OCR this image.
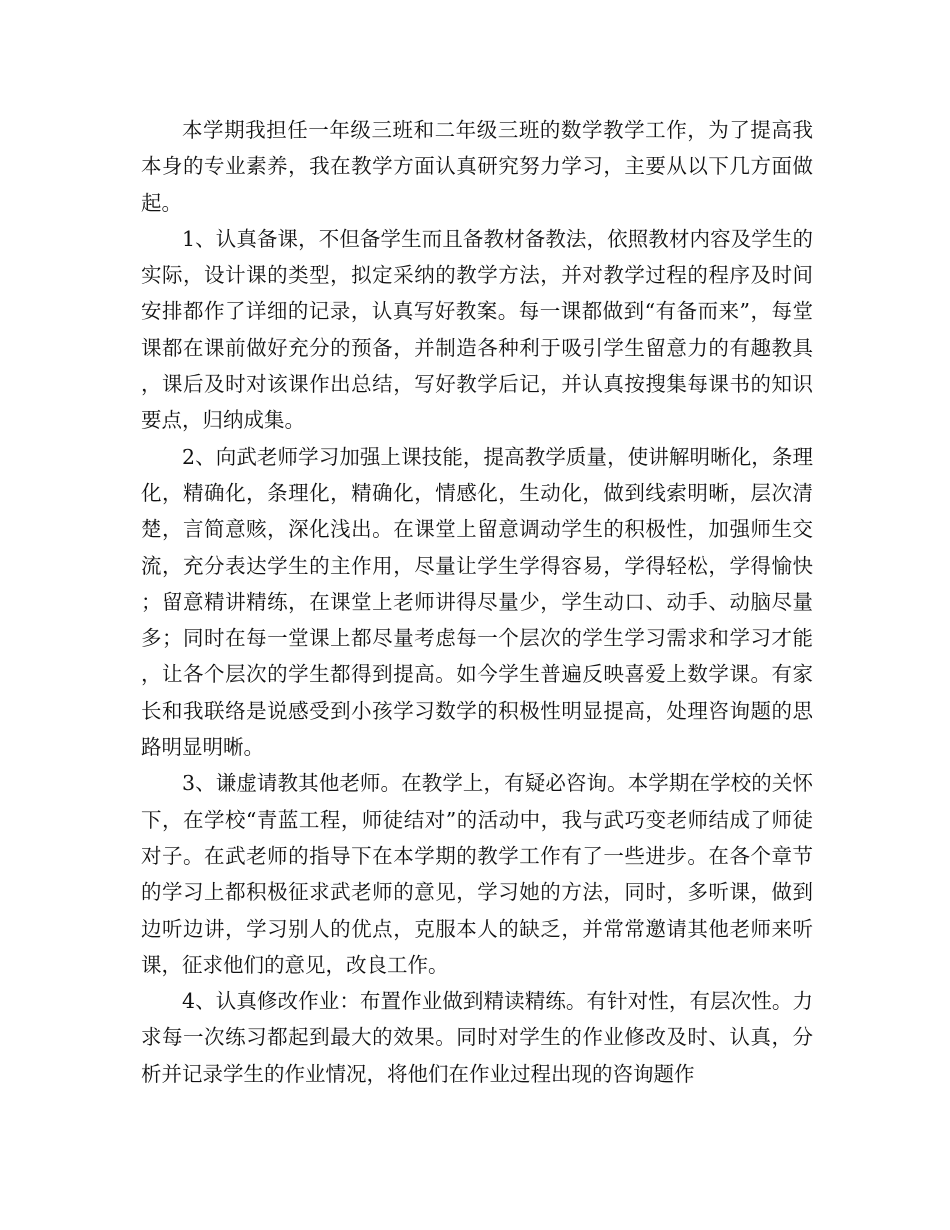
本学期我担任一年级三班和二年级三班的数学教学工作，为了提高我本身的专业素养，我在教学方面认真研究努力学习，主要从以下几方面做起。

1、认真备课，不但备学生而且备教材备教法，依照教材内容及学生的实际，设计课的类型，拟定采纳的教学方法，并对教学过程的程序及时间安排都作了详细的记录，认真写好教案。每一课都做到“有备而来”，每堂课都在课前做好充分的预备，并制造各种利于吸引学生留意力的有趣教具，课后及时对该课作出总结，写好教学后记，并认真按搜集每课书的知识要点，归纳成集。

2、向武老师学习加强上课技能，提高教学质量，使讲解明晰化，条理化，精确化，条理化，精确化，情感化，生动化，做到线索明晰，层次清楚，言简意赅，深化浅出。在课堂上留意调动学生的积极性，加强师生交流，充分表达学生的主作用，尽量让学生学得容易，学得轻松，学得愉快；留意精讲精练，在课堂上老师讲得尽量少，学生动口、动手、动脑尽量多；同时在每一堂课上都尽量考虑每一个层次的学生学习需求和学习才能，让各个层次的学生都得到提高。如今学生普遍反映喜爱上数学课。有家长和我联络是说感受到小孩学习数学的积极性明显提高，处理咨询题的思路明显明晰。

3、谦虚请教其他老师。在教学上，有疑必咨询。本学期在学校的关怀下，在学校“青蓝工程，师徒结对”的活动中，我与武巧变老师结成了师徒对子。在武老师的指导下在本学期的教学工作有了一些进步。在各个章节的学习上都积极征求武老师的意见，学习她的方法，同时，多听课，做到边听边讲，学习别人的优点，克服本人的缺乏，并常常邀请其他老师来听课，征求他们的意见，改良工作。

4、认真修改作业：布置作业做到精读精练。有针对性，有层次性。力求每一次练习都起到最大的效果。同时对学生的作业修改及时、认真，分析并记录学生的作业情况，将他们在作业过程出现的咨询题作
